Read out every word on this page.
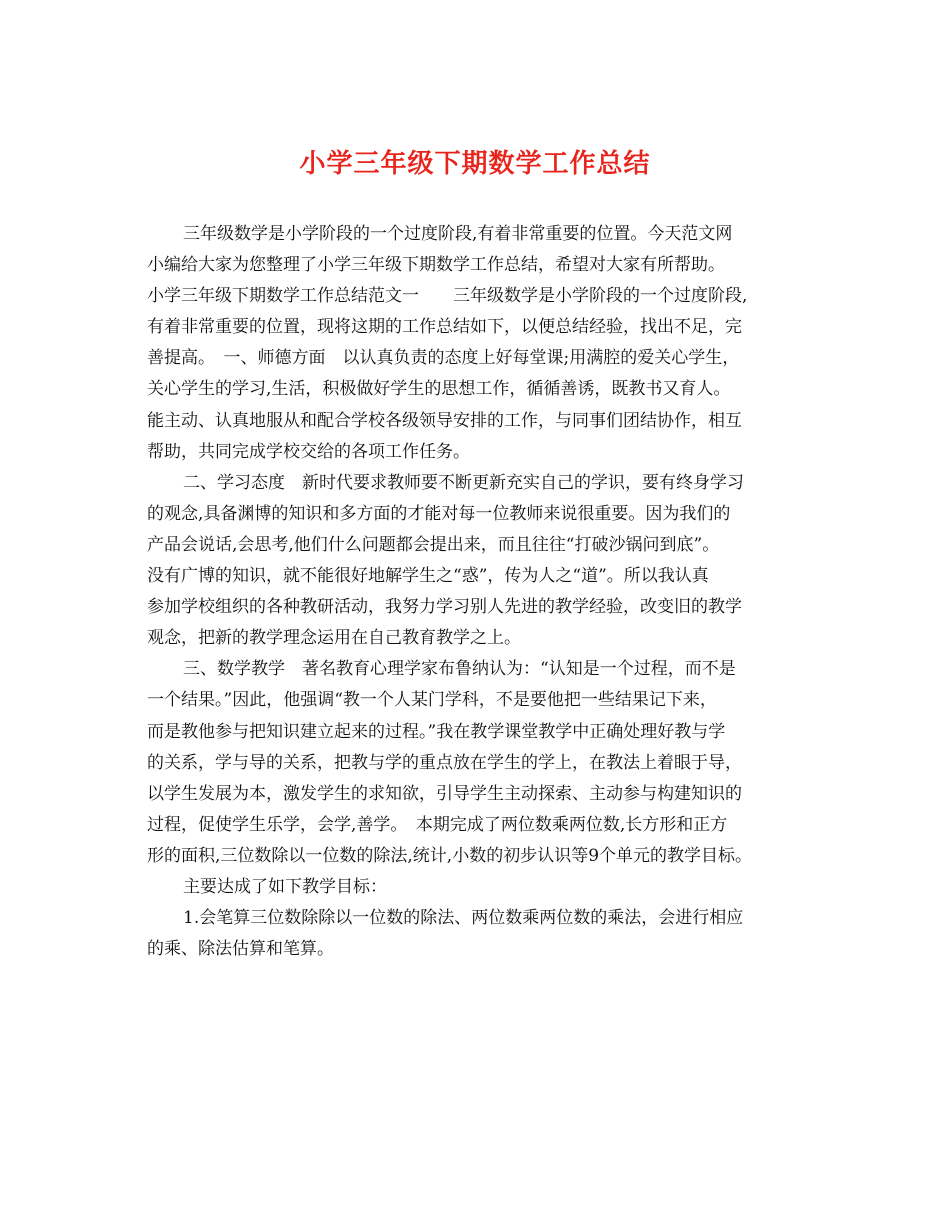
小学三年级下期数学工作总结
三年级数学是小学阶段的一个过度阶段,有着非常重要的位置。今天范文网
小编给大家为您整理了小学三年级下期数学工作总结，希望对大家有所帮助。
小学三年级下期数学工作总结范文一　　三年级数学是小学阶段的一个过度阶段,
有着非常重要的位置，现将这期的工作总结如下，以便总结经验，找出不足，完
善提高。　一、师德方面　以认真负责的态度上好每堂课;用满腔的爱关心学生，
关心学生的学习,生活，积极做好学生的思想工作，循循善诱，既教书又育人。
能主动、认真地服从和配合学校各级领导安排的工作，与同事们团结协作，相互
帮助，共同完成学校交给的各项工作任务。
二、学习态度　新时代要求教师要不断更新充实自己的学识，要有终身学习
的观念,具备渊博的知识和多方面的才能对每一位教师来说很重要。因为我们的
产品会说话,会思考,他们什么问题都会提出来，而且往往“打破沙锅问到底”。
没有广博的知识，就不能很好地解学生之“惑”，传为人之“道”。所以我认真
参加学校组织的各种教研活动，我努力学习别人先进的教学经验，改变旧的教学
观念，把新的教学理念运用在自己教育教学之上。
三、数学教学　著名教育心理学家布鲁纳认为：“认知是一个过程，而不是
一个结果。”因此，他强调“教一个人某门学科，不是要他把一些结果记下来，
而是教他参与把知识建立起来的过程。”我在教学课堂教学中正确处理好教与学
的关系，学与导的关系，把教与学的重点放在学生的学上，在教法上着眼于导，
以学生发展为本，激发学生的求知欲，引导学生主动探索、主动参与构建知识的
过程，促使学生乐学，会学,善学。　本期完成了两位数乘两位数,长方形和正方
形的面积,三位数除以一位数的除法,统计,小数的初步认识等9个单元的教学目标。
主要达成了如下教学目标：
1.会笔算三位数除除以一位数的除法、两位数乘两位数的乘法，会进行相应
的乘、除法估算和笔算。
